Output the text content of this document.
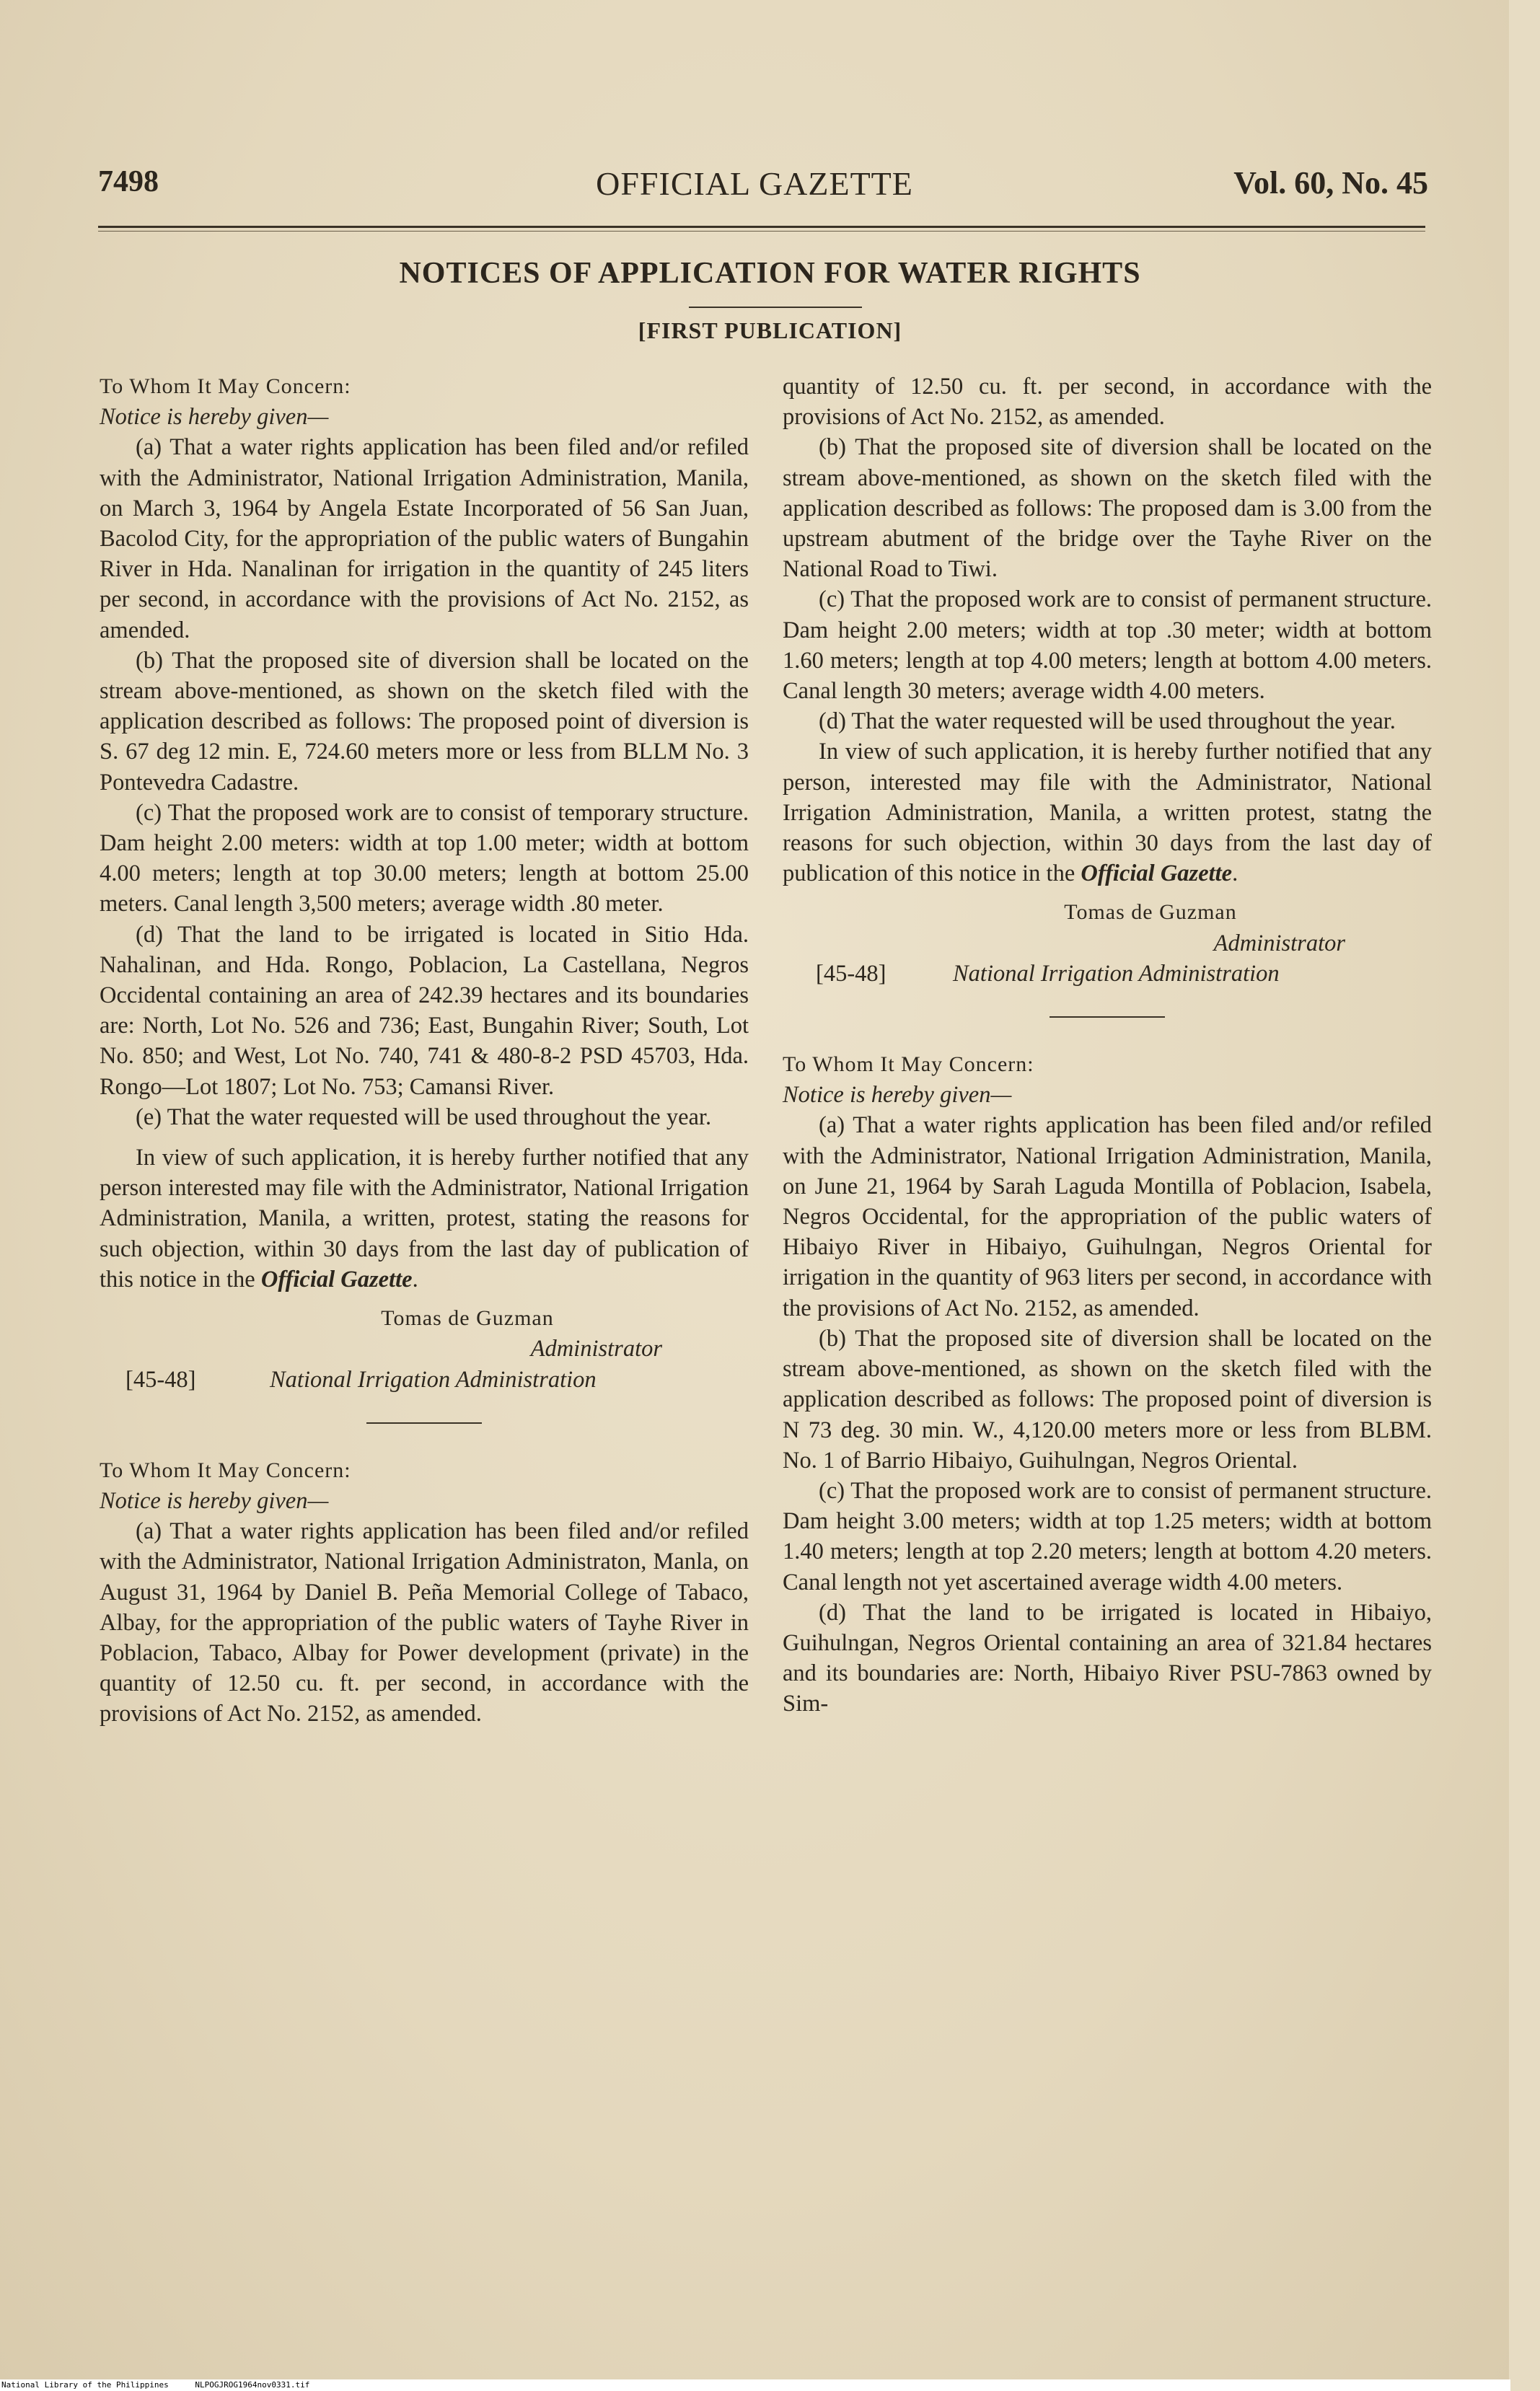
7498	OFFICIAL GAZETTE	Vol. 60, No. 45
NOTICES OF APPLICATION FOR WATER RIGHTS
[FIRST PUBLICATION]

To Whom It May Concern:

Notice is hereby given—

(a) That a water rights application has been filed and/or refiled with the Administrator, National Irrigation Administration, Manila, on March 3, 1964 by Angela Estate Incorporated of 56 San Juan, Bacolod City, for the appropriation of the public waters of Bungahin River in Hda. Nanalinan for irrigation in the quantity of 245 liters per second, in accordance with the provisions of Act No. 2152, as amended.

(b) That the proposed site of diversion shall be located on the stream above-mentioned, as shown on the sketch filed with the application described as follows: The proposed point of diversion is S. 67 deg 12 min. E, 724.60 meters more or less from BLLM No. 3 Pontevedra Cadastre.

(c) That the proposed work are to consist of temporary structure. Dam height 2.00 meters: width at top 1.00 meter; width at bottom 4.00 meters; length at top 30.00 meters; length at bottom 25.00 meters. Canal length 3,500 meters; average width .80 meter.

(d) That the land to be irrigated is located in Sitio Hda. Nahalinan, and Hda. Rongo, Poblacion, La Castellana, Negros Occidental containing an area of 242.39 hectares and its boundaries are: North, Lot No. 526 and 736; East, Bungahin River; South, Lot No. 850; and West, Lot No. 740, 741 & 480-8-2 PSD 45703, Hda. Rongo—Lot 1807; Lot No. 753; Camansi River.

(e) That the water requested will be used throughout the year.

In view of such application, it is hereby further notified that any person interested may file with the Administrator, National Irrigation Administration, Manila, a written, protest, stating the reasons for such objection, within 30 days from the last day of publication of this notice in the Official Gazette.

Tomas de Guzman
Administrator
[45-48]	National Irrigation Administration

To Whom It May Concern:

Notice is hereby given—

(a) That a water rights application has been filed and/or refiled with the Administrator, National Irrigation Administraton, Manla, on August 31, 1964 by Daniel B. Peña Memorial College of Tabaco, Albay, for the appropriation of the public waters of Tayhe River in Poblacion, Tabaco, Albay for Power development (private) in the quantity of 12.50 cu. ft. per second, in accordance with the provisions of Act No. 2152, as amended.

quantity of 12.50 cu. ft. per second, in accordance with the provisions of Act No. 2152, as amended.

(b) That the proposed site of diversion shall be located on the stream above-mentioned, as shown on the sketch filed with the application described as follows: The proposed dam is 3.00 from the upstream abutment of the bridge over the Tayhe River on the National Road to Tiwi.

(c) That the proposed work are to consist of permanent structure. Dam height 2.00 meters; width at top .30 meter; width at bottom 1.60 meters; length at top 4.00 meters; length at bottom 4.00 meters. Canal length 30 meters; average width 4.00 meters.

(d) That the water requested will be used throughout the year.

In view of such application, it is hereby further notified that any person, interested may file with the Administrator, National Irrigation Administration, Manila, a written protest, statng the reasons for such objection, within 30 days from the last day of publication of this notice in the Official Gazette.

Tomas de Guzman
Administrator
[45-48]	National Irrigation Administration

To Whom It May Concern:

Notice is hereby given—

(a) That a water rights application has been filed and/or refiled with the Administrator, National Irrigation Administration, Manila, on June 21, 1964 by Sarah Laguda Montilla of Poblacion, Isabela, Negros Occidental, for the appropriation of the public waters of Hibaiyo River in Hibaiyo, Guihulngan, Negros Oriental for irrigation in the quantity of 963 liters per second, in accordance with the provisions of Act No. 2152, as amended.

(b) That the proposed site of diversion shall be located on the stream above-mentioned, as shown on the sketch filed with the application described as follows: The proposed point of diversion is N 73 deg. 30 min. W., 4,120.00 meters more or less from BLBM. No. 1 of Barrio Hibaiyo, Guihulngan, Negros Oriental.

(c) That the proposed work are to consist of permanent structure. Dam height 3.00 meters; width at top 1.25 meters; width at bottom 1.40 meters; length at top 2.20 meters; length at bottom 4.20 meters. Canal length not yet ascertained average width 4.00 meters.

(d) That the land to be irrigated is located in Hibaiyo, Guihulngan, Negros Oriental containing an area of 321.84 hectares and its boundaries are: North, Hibaiyo River PSU-7863 owned by Sim-

National Library of the Philippines	NLPOGJROG1964nov0331.tif
